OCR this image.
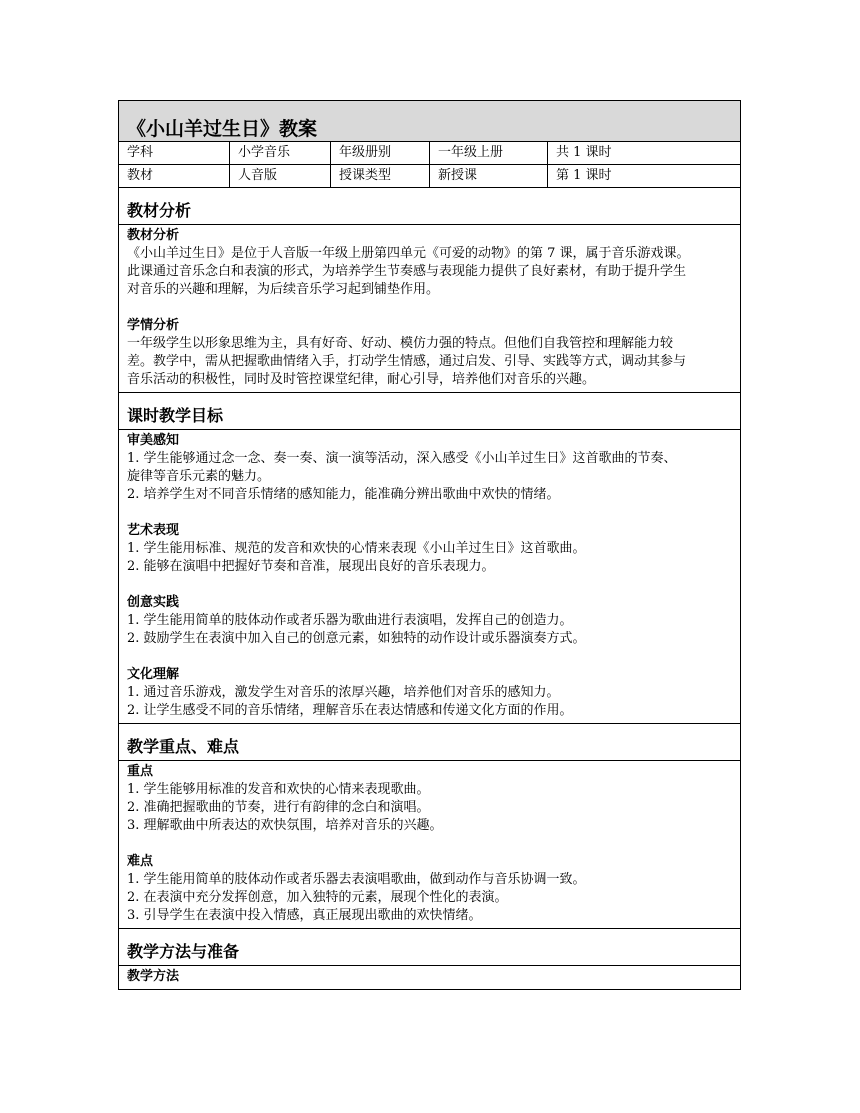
《小山羊过生日》教案
学科	小学音乐	年级册别	一年级上册	共 1 课时
教材	人音版	授课类型	新授课	第 1 课时
教材分析
教材分析
《小山羊过生日》是位于人音版一年级上册第四单元《可爱的动物》的第 7 课，属于音乐游戏课。
此课通过音乐念白和表演的形式，为培养学生节奏感与表现能力提供了良好素材，有助于提升学生
对音乐的兴趣和理解，为后续音乐学习起到铺垫作用。
学情分析
一年级学生以形象思维为主，具有好奇、好动、模仿力强的特点。但他们自我管控和理解能力较
差。教学中，需从把握歌曲情绪入手，打动学生情感，通过启发、引导、实践等方式，调动其参与
音乐活动的积极性，同时及时管控课堂纪律，耐心引导，培养他们对音乐的兴趣。
课时教学目标
审美感知
1. 学生能够通过念一念、奏一奏、演一演等活动，深入感受《小山羊过生日》这首歌曲的节奏、
旋律等音乐元素的魅力。
2. 培养学生对不同音乐情绪的感知能力，能准确分辨出歌曲中欢快的情绪。
艺术表现
1. 学生能用标准、规范的发音和欢快的心情来表现《小山羊过生日》这首歌曲。
2. 能够在演唱中把握好节奏和音准，展现出良好的音乐表现力。
创意实践
1. 学生能用简单的肢体动作或者乐器为歌曲进行表演唱，发挥自己的创造力。
2. 鼓励学生在表演中加入自己的创意元素，如独特的动作设计或乐器演奏方式。
文化理解
1. 通过音乐游戏，激发学生对音乐的浓厚兴趣，培养他们对音乐的感知力。
2. 让学生感受不同的音乐情绪，理解音乐在表达情感和传递文化方面的作用。
教学重点、难点
重点
1. 学生能够用标准的发音和欢快的心情来表现歌曲。
2. 准确把握歌曲的节奏，进行有韵律的念白和演唱。
3. 理解歌曲中所表达的欢快氛围，培养对音乐的兴趣。
难点
1. 学生能用简单的肢体动作或者乐器去表演唱歌曲，做到动作与音乐协调一致。
2. 在表演中充分发挥创意，加入独特的元素，展现个性化的表演。
3. 引导学生在表演中投入情感，真正展现出歌曲的欢快情绪。
教学方法与准备
教学方法
